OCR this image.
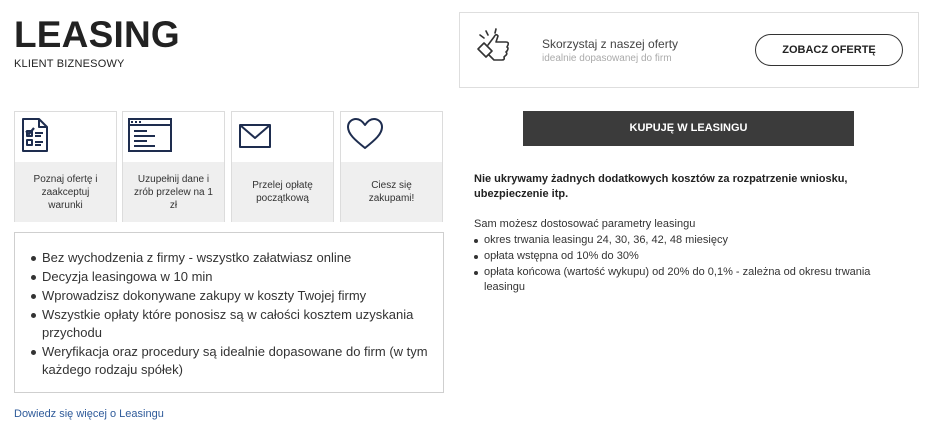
LEASING
KLIENT BIZNESOWY
Skorzystaj z naszej oferty
idealnie dopasowanej do firm
ZOBACZ OFERTĘ
Poznaj ofertę i zaakceptuj warunki
Uzupełnij dane i zrób przelew na 1 zł
Przelej opłatę początkową
Ciesz się zakupami!
Bez wychodzenia z firmy - wszystko załatwiasz online
Decyzja leasingowa w 10 min
Wprowadzisz dokonywane zakupy w koszty Twojej firmy
Wszystkie opłaty które ponosisz są w całości kosztem uzyskania przychodu
Weryfikacja oraz procedury są idealnie dopasowane do firm (w tym każdego rodzaju spółek)
Dowiedz się więcej o Leasingu
KUPUJĘ W LEASINGU
Nie ukrywamy żadnych dodatkowych kosztów za rozpatrzenie wniosku, ubezpieczenie itp.
Sam możesz dostosować parametry leasingu
okres trwania leasingu 24, 30, 36, 42, 48 miesięcy
opłata wstępna od 10% do 30%
opłata końcowa (wartość wykupu) od 20% do 0,1% - zależna od okresu trwania leasingu
